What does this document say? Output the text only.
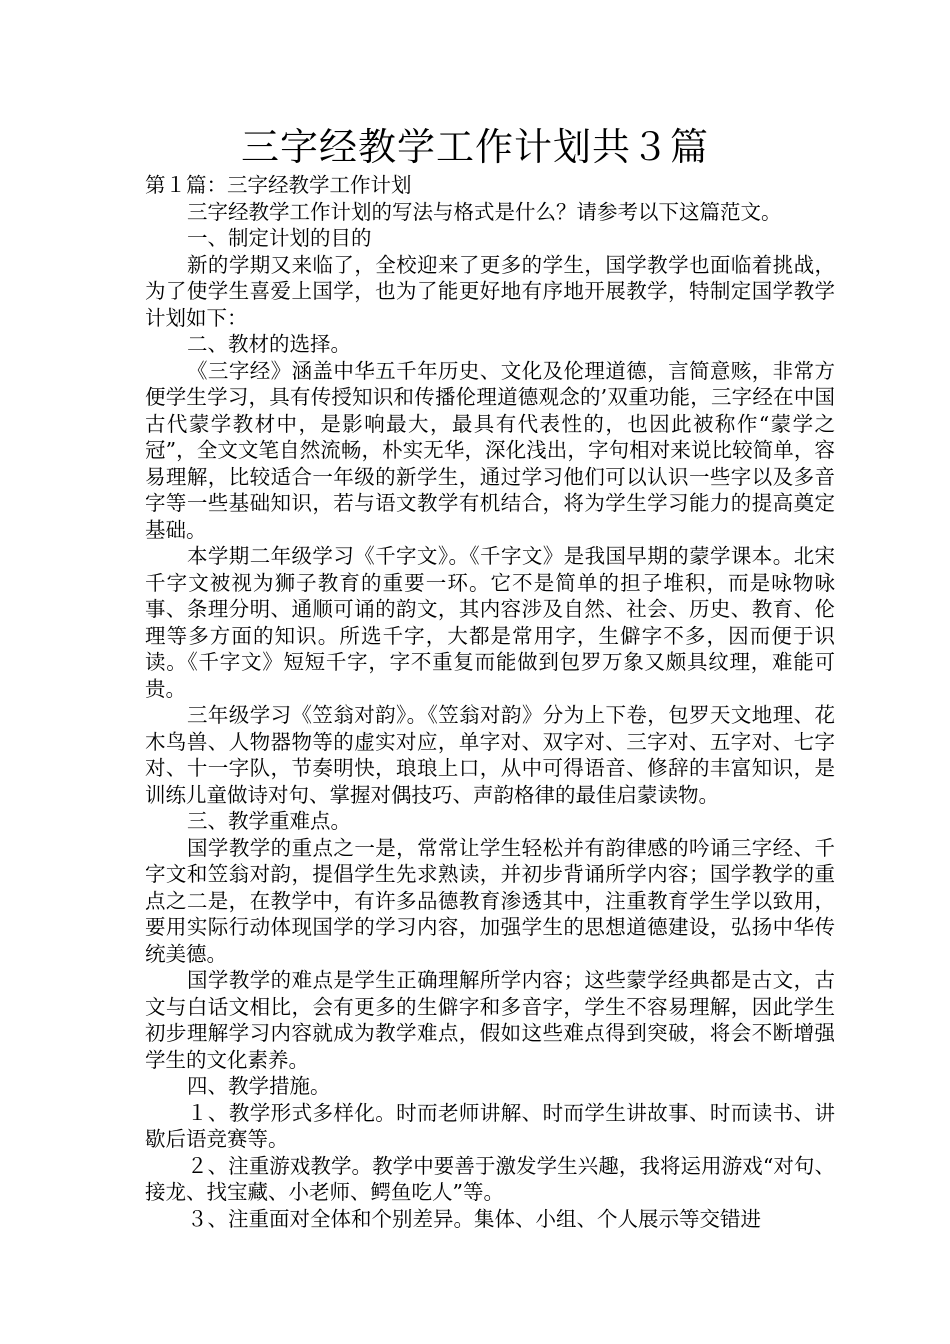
三字经教学工作计划共３篇

第１篇：三字经教学工作计划

三字经教学工作计划的写法与格式是什么？请参考以下这篇范文。

一、制定计划的目的

新的学期又来临了，全校迎来了更多的学生，国学教学也面临着挑战，为了使学生喜爱上国学，也为了能更好地有序地开展教学，特制定国学教学计划如下：

二、教材的选择。

《三字经》涵盖中华五千年历史、文化及伦理道德，言简意赅，非常方便学生学习，具有传授知识和传播伦理道德观念的’双重功能，三字经在中国古代蒙学教材中，是影响最大，最具有代表性的，也因此被称作“蒙学之冠”，全文文笔自然流畅，朴实无华，深化浅出，字句相对来说比较简单，容易理解，比较适合一年级的新学生，通过学习他们可以认识一些字以及多音字等一些基础知识，若与语文教学有机结合，将为学生学习能力的提高奠定基础。

本学期二年级学习《千字文》。《千字文》是我国早期的蒙学课本。北宋千字文被视为狮子教育的重要一环。它不是简单的担子堆积，而是咏物咏事、条理分明、通顺可诵的韵文，其内容涉及自然、社会、历史、教育、伦理等多方面的知识。所选千字，大都是常用字，生僻字不多，因而便于识读。《千字文》短短千字，字不重复而能做到包罗万象又颇具纹理，难能可贵。

三年级学习《笠翁对韵》。《笠翁对韵》分为上下卷，包罗天文地理、花木鸟兽、人物器物等的虚实对应，单字对、双字对、三字对、五字对、七字对、十一字队，节奏明快，琅琅上口，从中可得语音、修辞的丰富知识，是训练儿童做诗对句、掌握对偶技巧、声韵格律的最佳启蒙读物。

三、教学重难点。

国学教学的重点之一是，常常让学生轻松并有韵律感的吟诵三字经、千字文和笠翁对韵，提倡学生先求熟读，并初步背诵所学内容；国学教学的重点之二是，在教学中，有许多品德教育渗透其中，注重教育学生学以致用，要用实际行动体现国学的学习内容，加强学生的思想道德建设，弘扬中华传统美德。

国学教学的难点是学生正确理解所学内容；这些蒙学经典都是古文，古文与白话文相比，会有更多的生僻字和多音字，学生不容易理解，因此学生初步理解学习内容就成为教学难点，假如这些难点得到突破，将会不断增强学生的文化素养。

四、教学措施。

１、教学形式多样化。时而老师讲解、时而学生讲故事、时而读书、讲歇后语竞赛等。

２、注重游戏教学。教学中要善于激发学生兴趣，我将运用游戏“对句、接龙、找宝藏、小老师、鳄鱼吃人”等。

３、注重面对全体和个别差异。集体、小组、个人展示等交错进
